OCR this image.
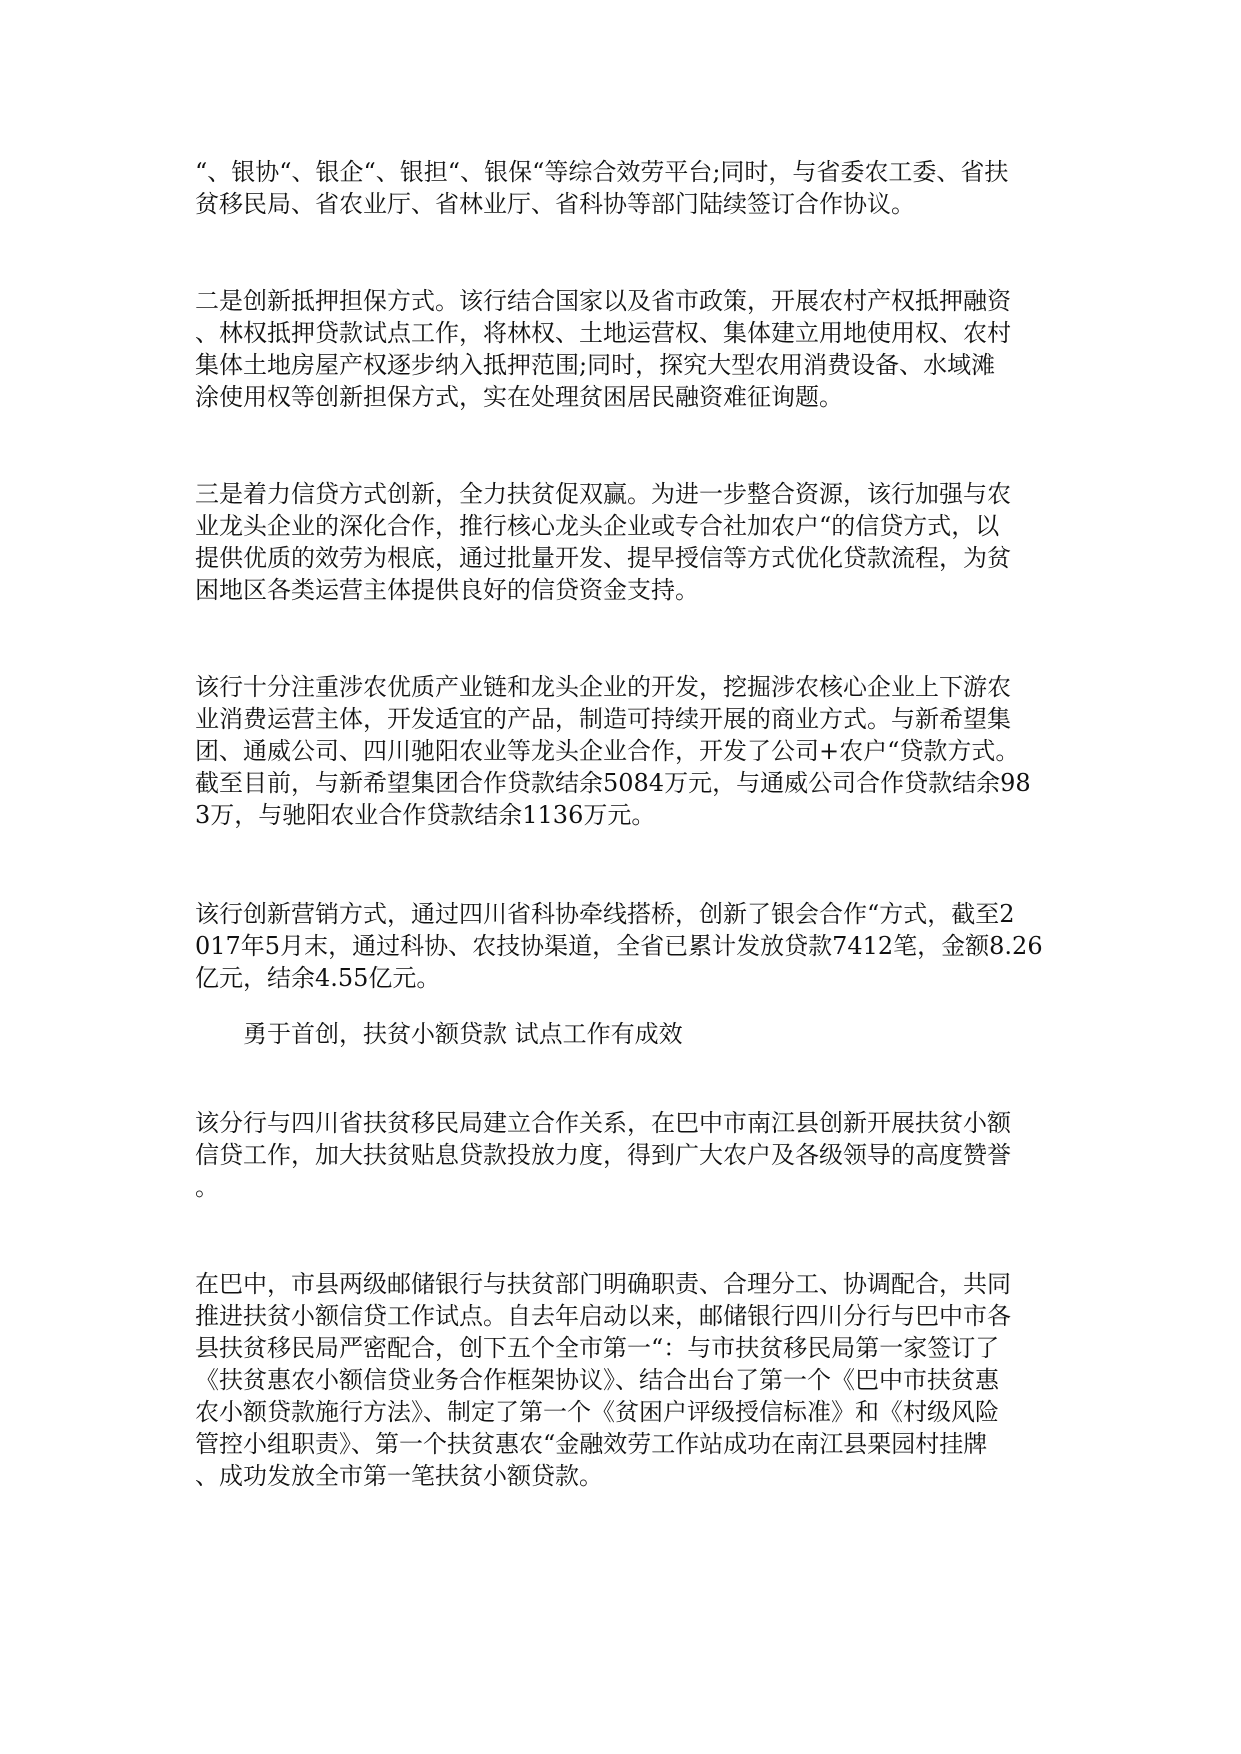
“、银协“、银企“、银担“、银保“等综合效劳平台;同时，与省委农工委、省扶
贫移民局、省农业厅、省林业厅、省科协等部门陆续签订合作协议。

二是创新抵押担保方式。该行结合国家以及省市政策，开展农村产权抵押融资
、林权抵押贷款试点工作，将林权、土地运营权、集体建立用地使用权、农村
集体土地房屋产权逐步纳入抵押范围;同时，探究大型农用消费设备、水域滩
涂使用权等创新担保方式，实在处理贫困居民融资难征询题。

三是着力信贷方式创新，全力扶贫促双赢。为进一步整合资源，该行加强与农
业龙头企业的深化合作，推行核心龙头企业或专合社加农户“的信贷方式，以
提供优质的效劳为根底，通过批量开发、提早授信等方式优化贷款流程，为贫
困地区各类运营主体提供良好的信贷资金支持。

该行十分注重涉农优质产业链和龙头企业的开发，挖掘涉农核心企业上下游农
业消费运营主体，开发适宜的产品，制造可持续开展的商业方式。与新希望集
团、通威公司、四川驰阳农业等龙头企业合作，开发了公司+农户“贷款方式。
截至目前，与新希望集团合作贷款结余5084万元，与通威公司合作贷款结余98
3万，与驰阳农业合作贷款结余1136万元。

该行创新营销方式，通过四川省科协牵线搭桥，创新了银会合作“方式，截至2
017年5月末，通过科协、农技协渠道，全省已累计发放贷款7412笔，金额8.26
亿元，结余4.55亿元。

勇于首创，扶贫小额贷款 试点工作有成效

该分行与四川省扶贫移民局建立合作关系，在巴中市南江县创新开展扶贫小额
信贷工作，加大扶贫贴息贷款投放力度，得到广大农户及各级领导的高度赞誉
。

在巴中，市县两级邮储银行与扶贫部门明确职责、合理分工、协调配合，共同
推进扶贫小额信贷工作试点。自去年启动以来，邮储银行四川分行与巴中市各
县扶贫移民局严密配合，创下五个全市第一“：与市扶贫移民局第一家签订了
《扶贫惠农小额信贷业务合作框架协议》、结合出台了第一个《巴中市扶贫惠
农小额贷款施行方法》、制定了第一个《贫困户评级授信标准》和《村级风险
管控小组职责》、第一个扶贫惠农“金融效劳工作站成功在南江县栗园村挂牌
、成功发放全市第一笔扶贫小额贷款。
